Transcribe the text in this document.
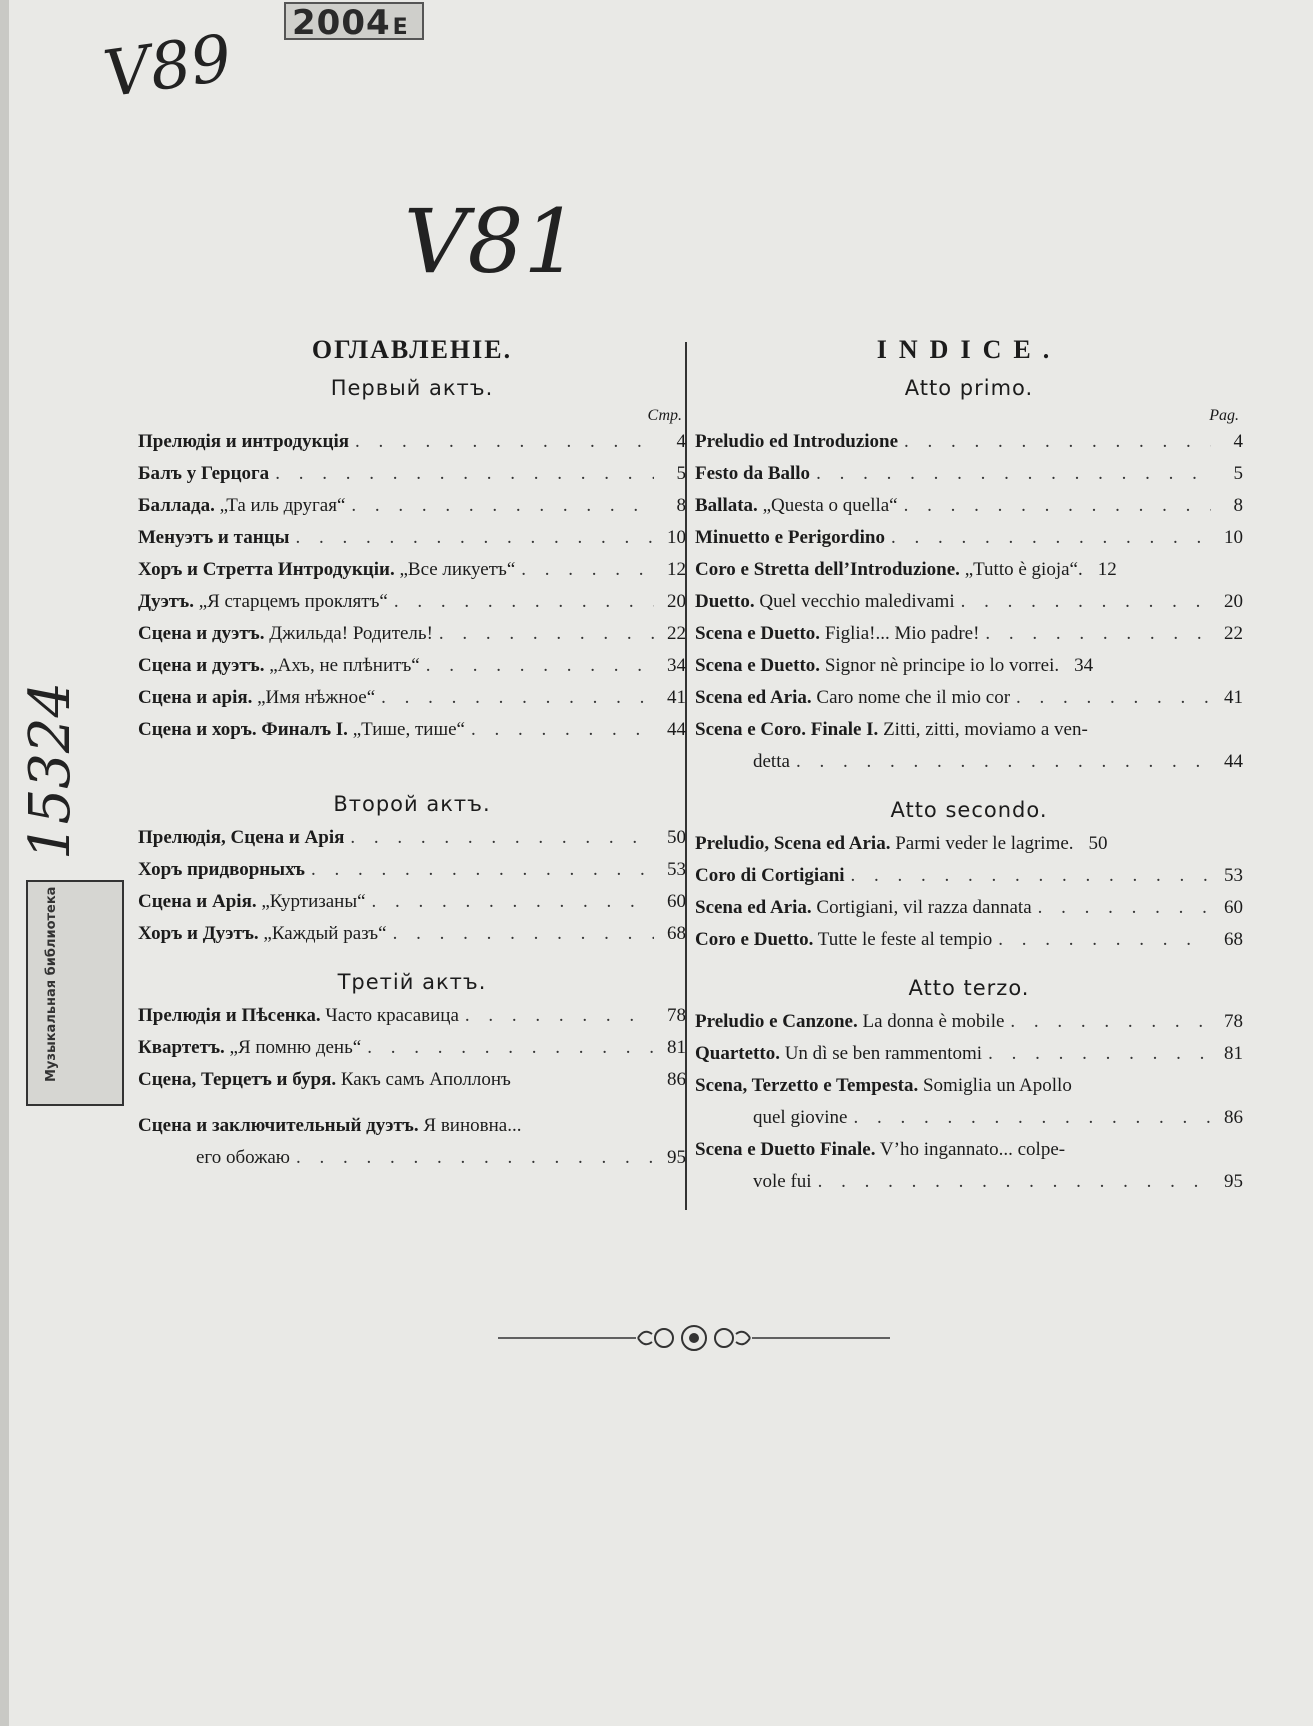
2004Е
V89
V81
15324
Музыкальная библиотека
ОГЛАВЛЕНІЕ.
Первый актъ.
Стр.
Прелюдія и интродукція . . .	4
Балъ у Герцога . . .	5
Баллада. „Та иль другая“ . . .	8
Менуэтъ и танцы . . .	10
Хоръ и Стретта Интродукціи. „Все ликуетъ“ . . .	12
Дуэтъ. „Я старцемъ проклятъ“ . . .	20
Сцена и дуэтъ. Джильда! Родитель! . . .	22
Сцена и дуэтъ. „Ахъ, не плѣнитъ“ . . .	34
Сцена и арія. „Имя нѣжное“ . . .	41
Сцена и хоръ. Финалъ I. „Тише, тише“ . . .	44
Второй актъ.
Прелюдія, Сцена и Арія . . .	50
Хоръ придворныхъ . . .	53
Сцена и Арія. „Куртизаны“ . . .	60
Хоръ и Дуэтъ. „Каждый разъ“ . . .	68
Третій актъ.
Прелюдія и Пѣсенка. Часто красавица . . .	78
Квартетъ. „Я помню день“ . . .	81
Сцена, Терцетъ и буря. Какъ самъ Аполлонъ	86
Сцена и заключительный дуэтъ. Я виновна...
его обожаю . . .	95
INDICE.
Atto primo.
Pag.
Preludio ed Introduzione . . .	4
Festo da Ballo . . .	5
Ballata. „Questa o quella“ . . .	8
Minuetto e Perigordino . . .	10
Coro e Stretta dell’Introduzione. „Tutto è gioja“. 12
Duetto. Quel vecchio maledivami . . .	20
Scena e Duetto. Figlia!... Mio padre! . . .	22
Scena e Duetto. Signor nè principe io lo vorrei. 34
Scena ed Aria. Caro nome che il mio cor . . .	41
Scena e Coro. Finale I. Zitti, zitti, moviamo a ven-
detta . . .	44
Atto secondo.
Preludio, Scena ed Aria. Parmi veder le lagrime. 50
Coro di Cortigiani . . .	53
Scena ed Aria. Cortigiani, vil razza dannata . . .	60
Coro e Duetto. Tutte le feste al tempio . . .	68
Atto terzo.
Preludio e Canzone. La donna è mobile . . .	78
Quartetto. Un dì se ben rammentomi . . .	81
Scena, Terzetto e Tempesta. Somiglia un Apollo
quel giovine . . .	86
Scena e Duetto Finale. V’ho ingannato... colpe-
vole fui . . .	95
